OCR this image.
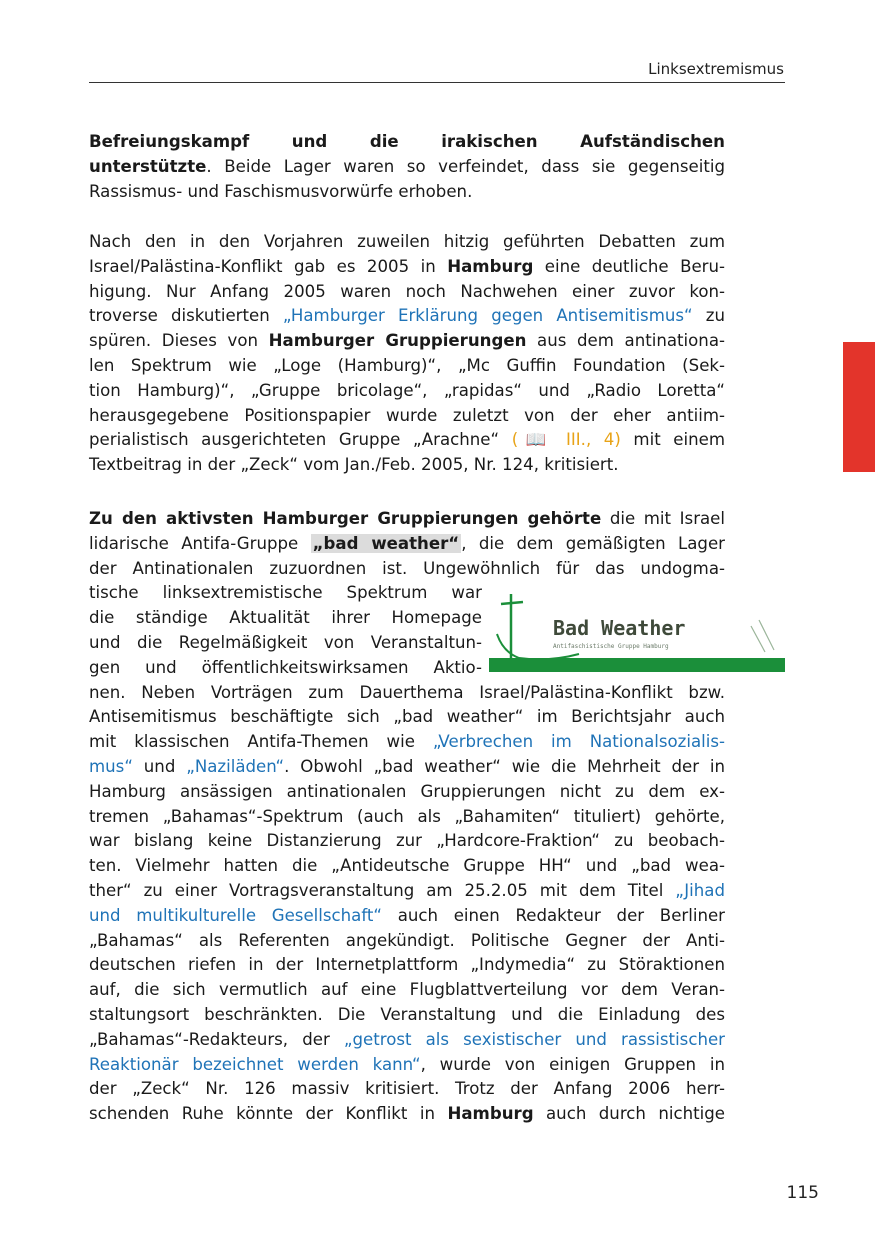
Linksextremismus
Befreiungskampf und die irakischen Aufständischen
unterstützte. Beide Lager waren so verfeindet, dass sie gegenseitig
Rassismus- und Faschismusvorwürfe erhoben.
Nach den in den Vorjahren zuweilen hitzig geführten Debatten zum
Israel/Palästina-Konflikt gab es 2005 in Hamburg eine deutliche Beru-
higung. Nur Anfang 2005 waren noch Nachwehen einer zuvor kon-
troverse diskutierten „Hamburger Erklärung gegen Antisemitismus“ zu
spüren. Dieses von Hamburger Gruppierungen aus dem antinationa-
len Spektrum wie „Loge (Hamburg)“, „Mc Guffin Foundation (Sek-
tion Hamburg)“, „Gruppe bricolage“, „rapidas“ und „Radio Loretta“
herausgegebene Positionspapier wurde zuletzt von der eher antiim-
perialistisch ausgerichteten Gruppe „Arachne“ (📖 III., 4) mit einem
Textbeitrag in der „Zeck“ vom Jan./Feb. 2005, Nr. 124, kritisiert.
Zu den aktivsten Hamburger Gruppierungen gehörte die mit Israel
lidarische Antifa-Gruppe „bad weather“ , die dem gemäßigten Lager
der Antinationalen zuzuordnen ist. Ungewöhnlich für das undogma-
tische linksextremistische Spektrum war
die ständige Aktualität ihrer Homepage
und die Regelmäßigkeit von Veranstaltun-
gen und öffentlichkeitswirksamen Aktio-
nen. Neben Vorträgen zum Dauerthema Israel/Palästina-Konflikt bzw.
Antisemitismus beschäftigte sich „bad weather“ im Berichtsjahr auch
mit klassischen Antifa-Themen wie „Verbrechen im Nationalsozialis-
mus“ und „Naziläden“. Obwohl „bad weather“ wie die Mehrheit der in
Hamburg ansässigen antinationalen Gruppierungen nicht zu dem ex-
tremen „Bahamas“-Spektrum (auch als „Bahamiten“ tituliert) gehörte,
war bislang keine Distanzierung zur „Hardcore-Fraktion“ zu beobach-
ten. Vielmehr hatten die „Antideutsche Gruppe HH“ und „bad wea-
ther“ zu einer Vortragsveranstaltung am 25.2.05 mit dem Titel „Jihad
und multikulturelle Gesellschaft“ auch einen Redakteur der Berliner
„Bahamas“ als Referenten angekündigt. Politische Gegner der Anti-
deutschen riefen in der Internetplattform „Indymedia“ zu Störaktionen
auf, die sich vermutlich auf eine Flugblattverteilung vor dem Veran-
staltungsort beschränkten. Die Veranstaltung und die Einladung des
„Bahamas“-Redakteurs, der „getrost als sexistischer und rassistischer
Reaktionär bezeichnet werden kann“, wurde von einigen Gruppen in
der „Zeck“ Nr. 126 massiv kritisiert. Trotz der Anfang 2006 herr-
schenden Ruhe könnte der Konflikt in Hamburg auch durch nichtige
Bad Weather
Antifaschistische Gruppe Hamburg
115
